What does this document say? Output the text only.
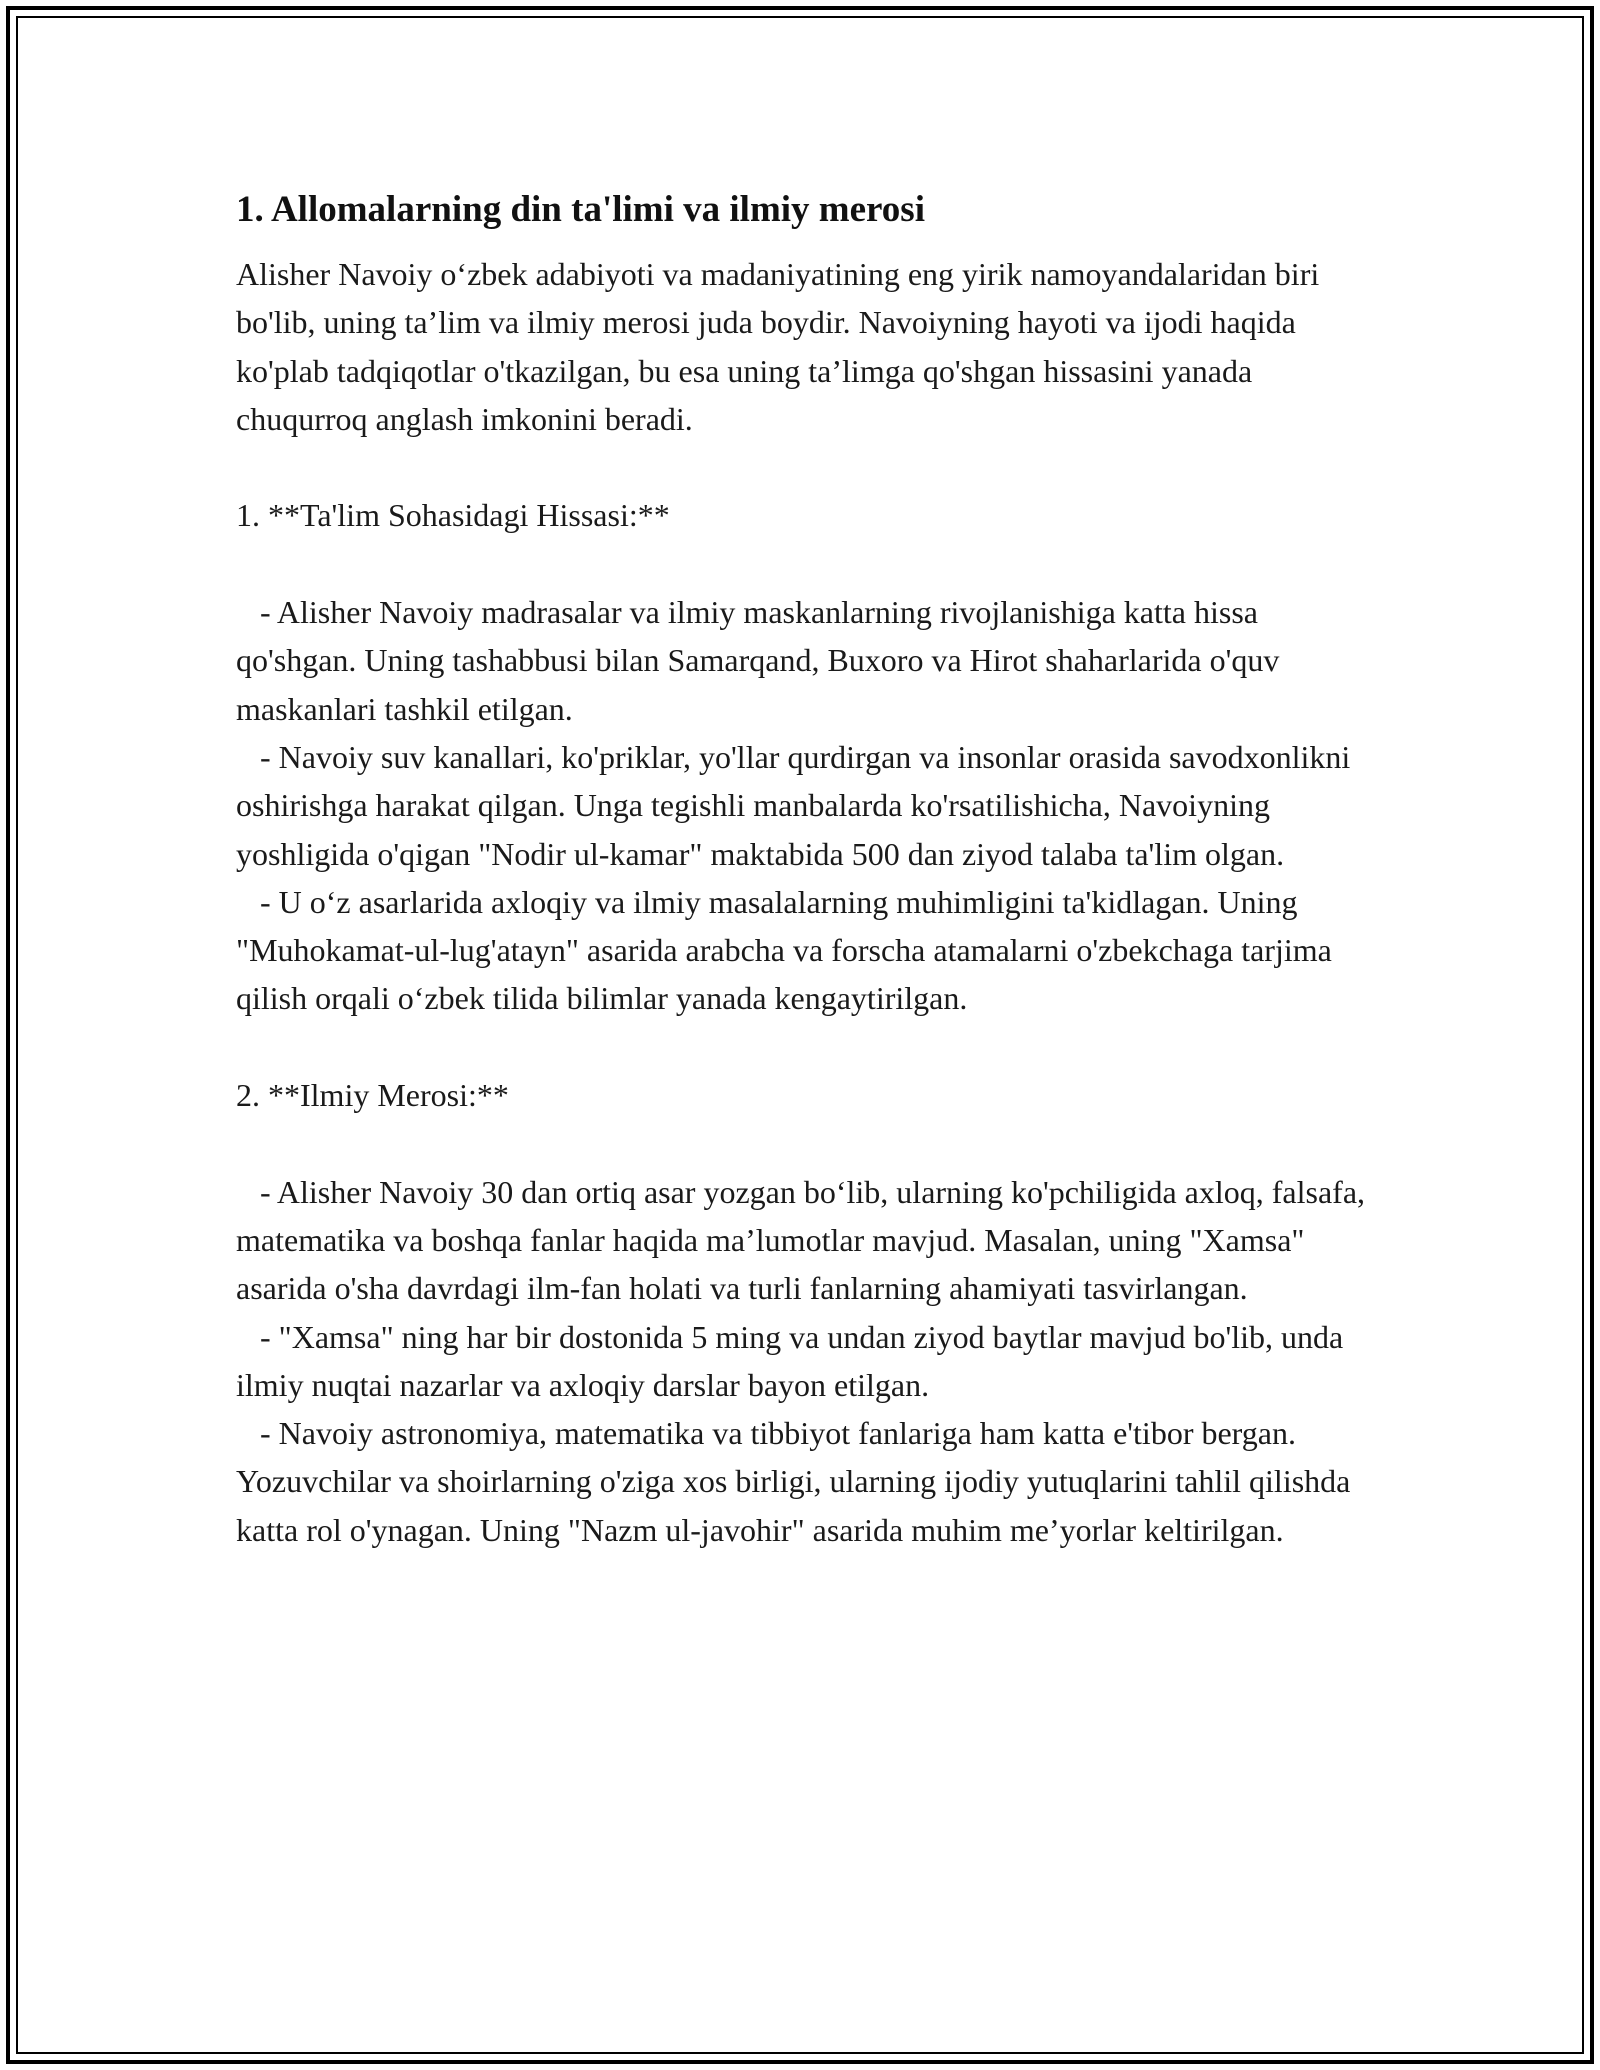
1. Allomalarning din ta'limi va ilmiy merosi

Alisher Navoiy o‘zbek adabiyoti va madaniyatining eng yirik namoyandalaridan biri bo'lib, uning ta’lim va ilmiy merosi juda boydir. Navoiyning hayoti va ijodi haqida ko'plab tadqiqotlar o'tkazilgan, bu esa uning ta’limga qo'shgan hissasini yanada chuqurroq anglash imkonini beradi.

1. **Ta'lim Sohasidagi Hissasi:**

- Alisher Navoiy madrasalar va ilmiy maskanlarning rivojlanishiga katta hissa qo'shgan. Uning tashabbusi bilan Samarqand, Buxoro va Hirot shaharlarida o'quv maskanlari tashkil etilgan.

- Navoiy suv kanallari, ko'priklar, yo'llar qurdirgan va insonlar orasida savodxonlikni oshirishga harakat qilgan. Unga tegishli manbalarda ko'rsatilishicha, Navoiyning yoshligida o'qigan "Nodir ul-kamar" maktabida 500 dan ziyod talaba ta'lim olgan.

- U o‘z asarlarida axloqiy va ilmiy masalalarning muhimligini ta'kidlagan. Uning "Muhokamat-ul-lug'atayn" asarida arabcha va forscha atamalarni o'zbekchaga tarjima qilish orqali o‘zbek tilida bilimlar yanada kengaytirilgan.

2. **Ilmiy Merosi:**

- Alisher Navoiy 30 dan ortiq asar yozgan bo‘lib, ularning ko'pchiligida axloq, falsafa, matematika va boshqa fanlar haqida ma’lumotlar mavjud. Masalan, uning "Xamsa" asarida o'sha davrdagi ilm-fan holati va turli fanlarning ahamiyati tasvirlangan.

- "Xamsa" ning har bir dostonida 5 ming va undan ziyod baytlar mavjud bo'lib, unda ilmiy nuqtai nazarlar va axloqiy darslar bayon etilgan.

- Navoiy astronomiya, matematika va tibbiyot fanlariga ham katta e'tibor bergan. Yozuvchilar va shoirlarning o'ziga xos birligi, ularning ijodiy yutuqlarini tahlil qilishda katta rol o'ynagan. Uning "Nazm ul-javohir" asarida muhim me’yorlar keltirilgan.
